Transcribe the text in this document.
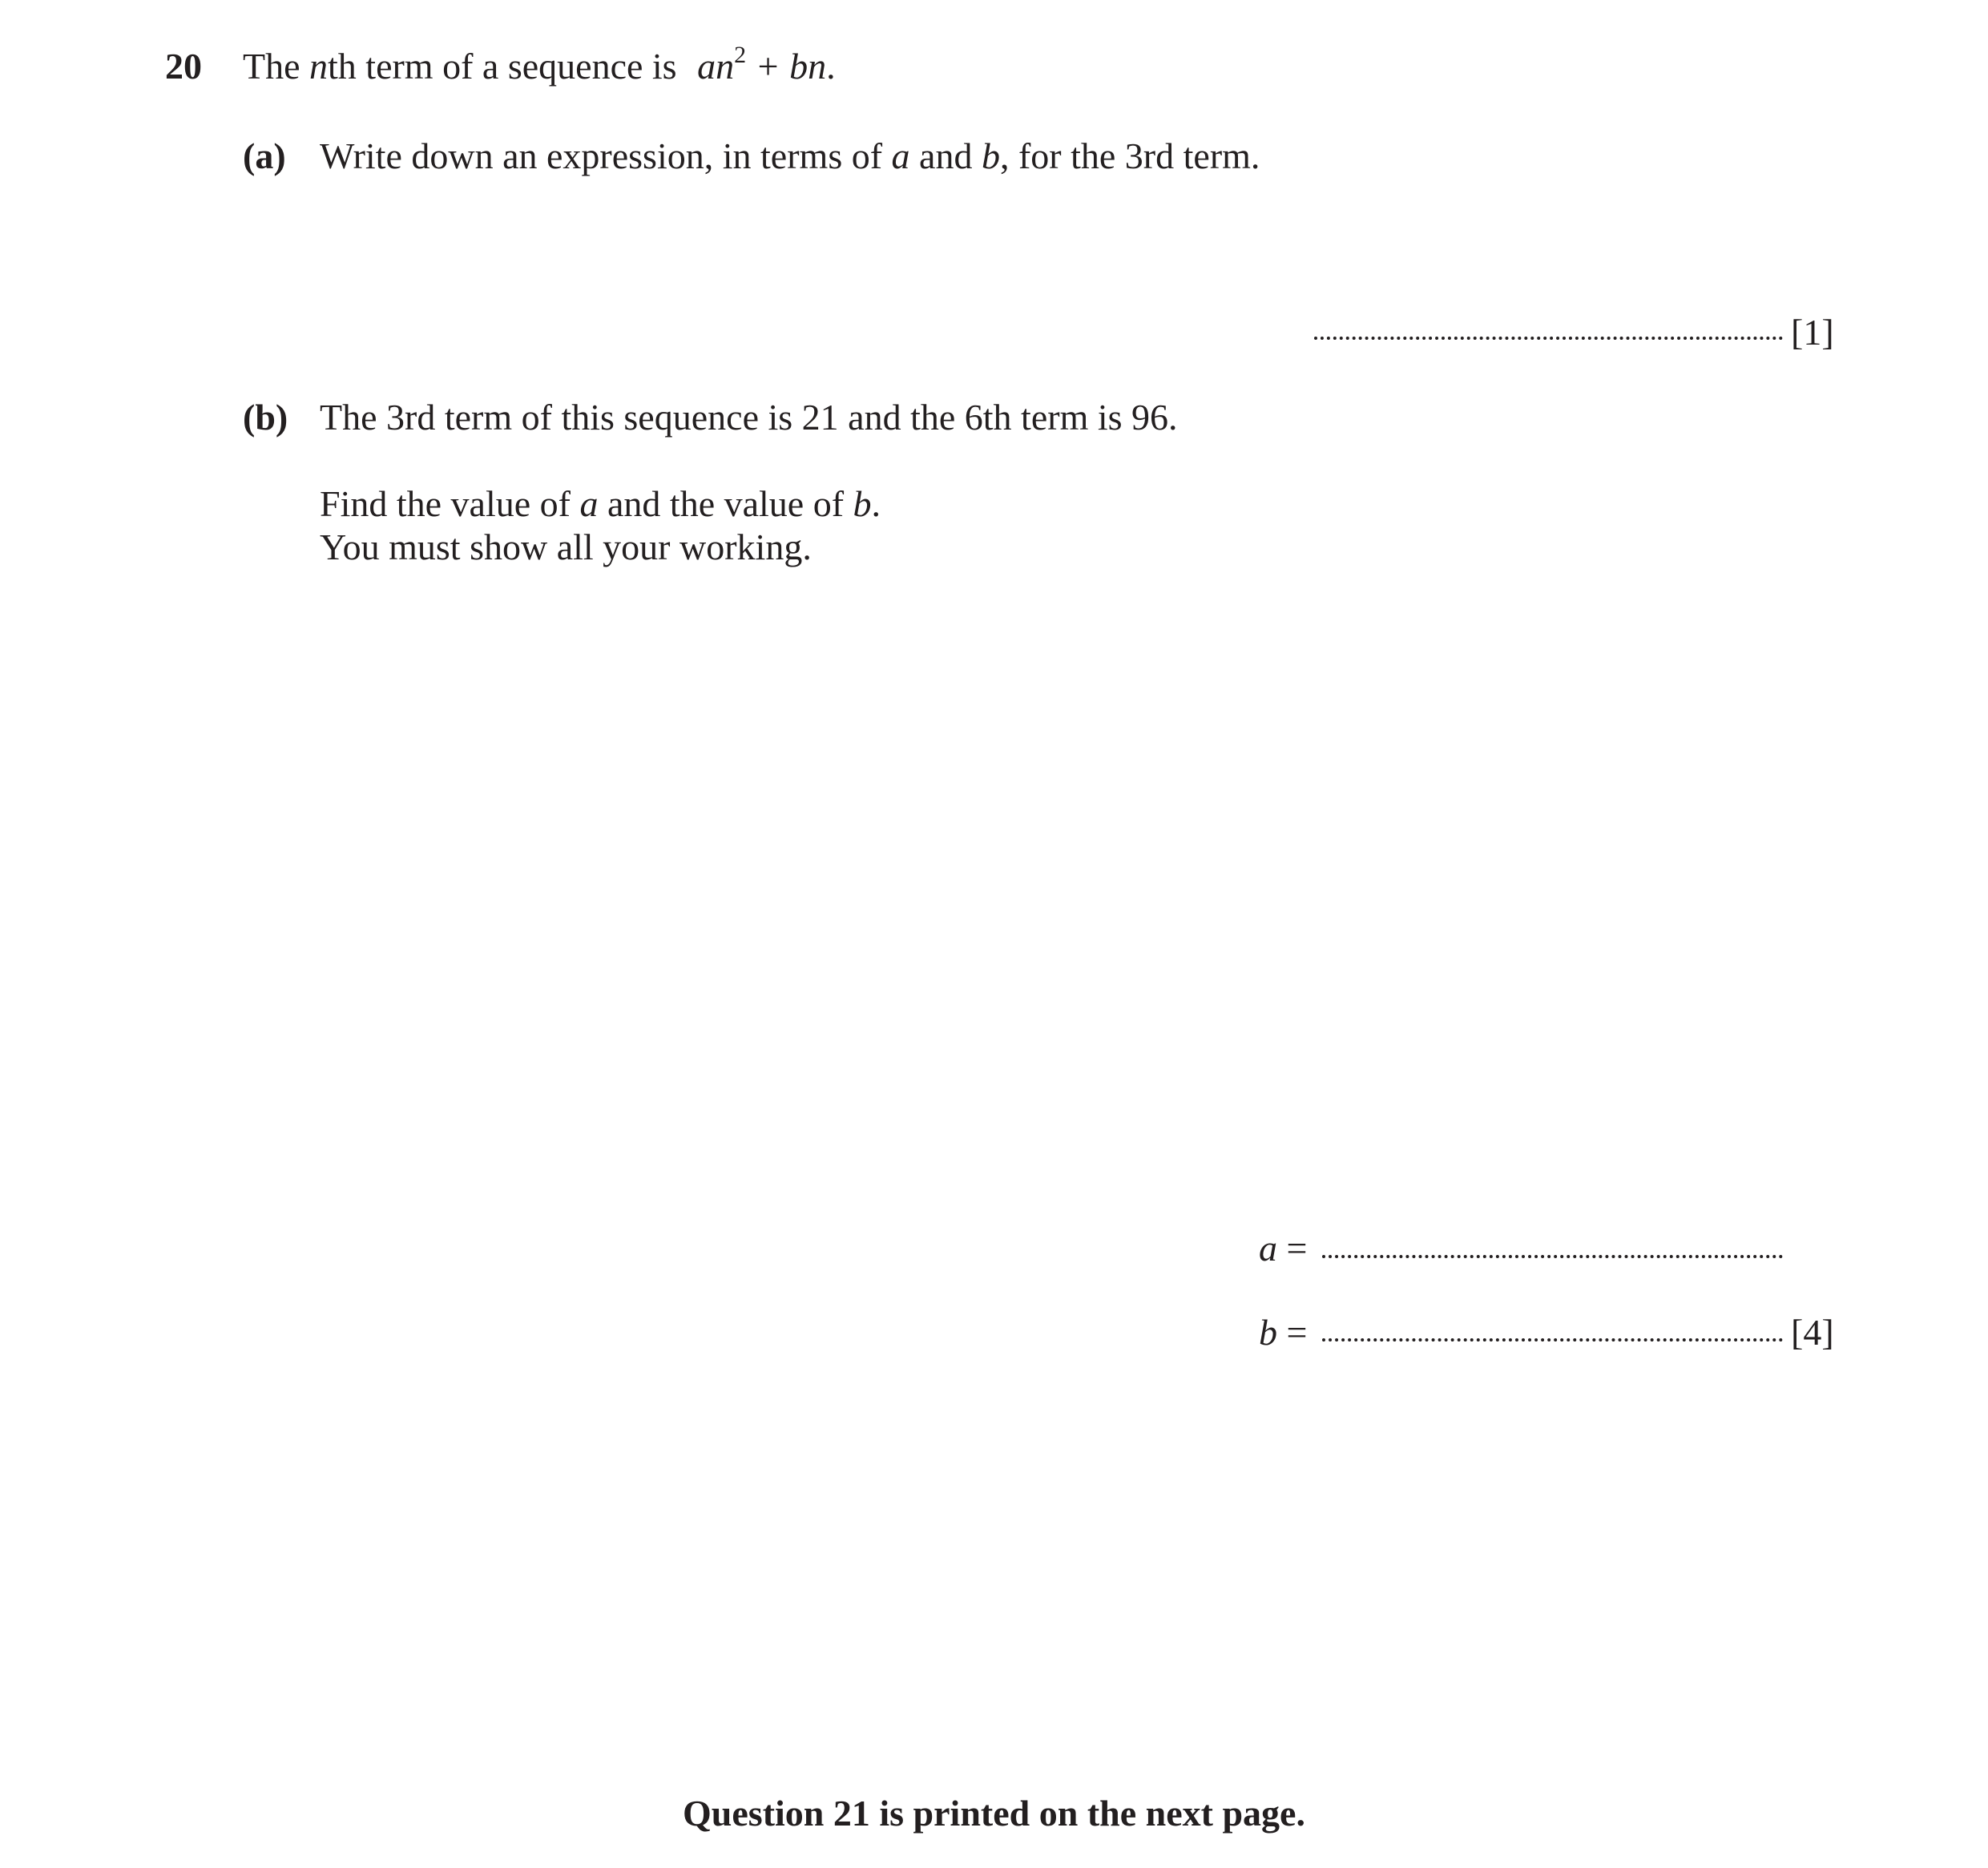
20 The nth term of a sequence is $an^2$ + bn.
(a) Write down an expression, in terms of a and b, for the 3rd term.
[1]
(b) The 3rd term of this sequence is 21 and the 6th term is 96.
Find the value of a and the value of b.
You must show all your working.
a =
b =	[4]
Question 21 is printed on the next page.
